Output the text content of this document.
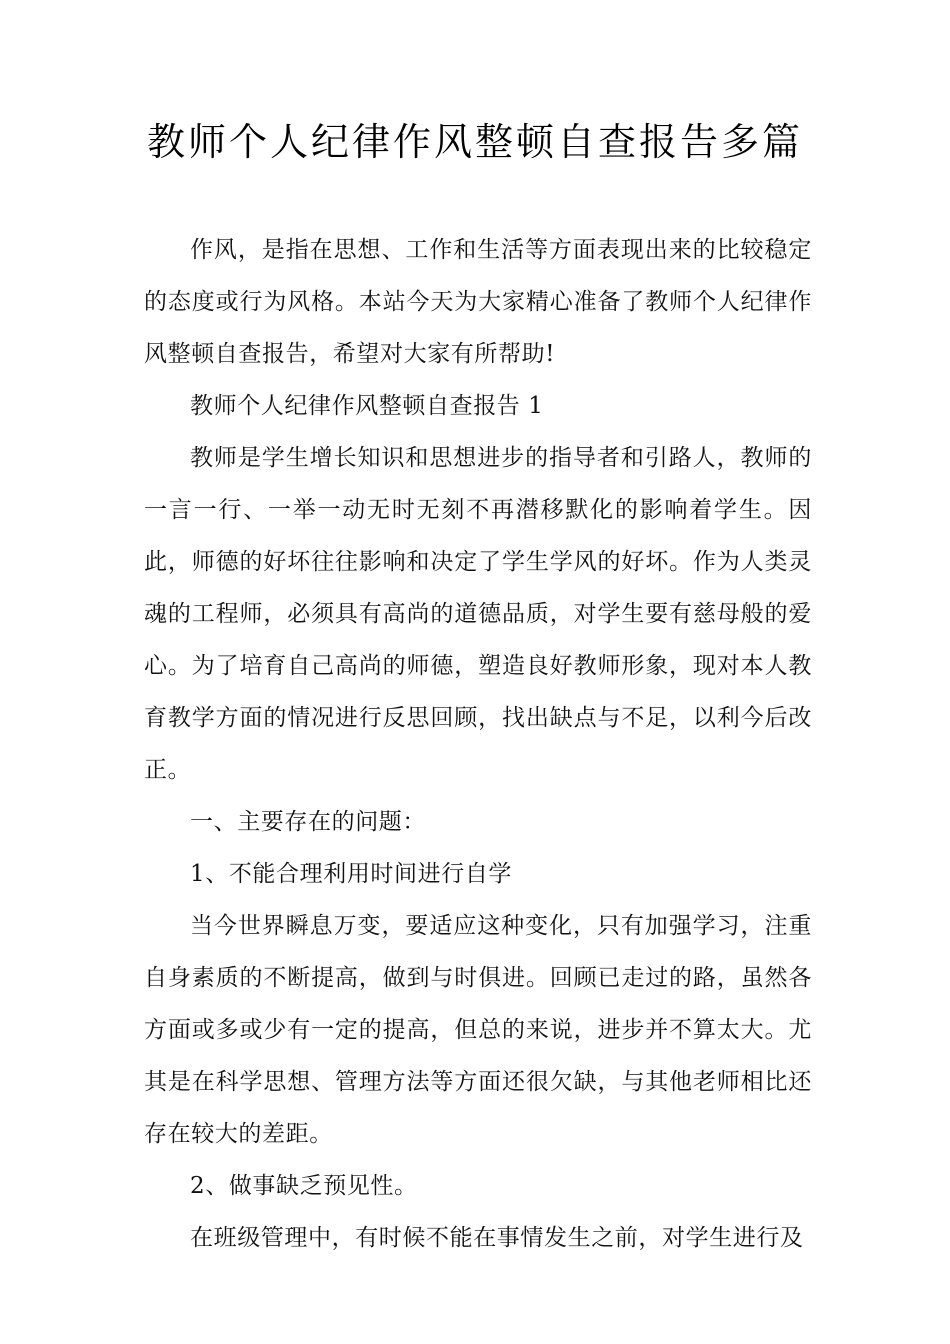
教师个人纪律作风整顿自查报告多篇

作风，是指在思想、工作和生活等方面表现出来的比较稳定的态度或行为风格。本站今天为大家精心准备了教师个人纪律作风整顿自查报告，希望对大家有所帮助!

教师个人纪律作风整顿自查报告 1

教师是学生增长知识和思想进步的指导者和引路人，教师的一言一行、一举一动无时无刻不再潜移默化的影响着学生。因此，师德的好坏往往影响和决定了学生学风的好坏。作为人类灵魂的工程师，必须具有高尚的道德品质，对学生要有慈母般的爱心。为了培育自己高尚的师德，塑造良好教师形象，现对本人教育教学方面的情况进行反思回顾，找出缺点与不足，以利今后改正。

一、主要存在的问题：

1、不能合理利用时间进行自学

当今世界瞬息万变，要适应这种变化，只有加强学习，注重自身素质的不断提高，做到与时俱进。回顾已走过的路，虽然各方面或多或少有一定的提高，但总的来说，进步并不算太大。尤其是在科学思想、管理方法等方面还很欠缺，与其他老师相比还存在较大的差距。

2、做事缺乏预见性。

在班级管理中，有时候不能在事情发生之前，对学生进行及
